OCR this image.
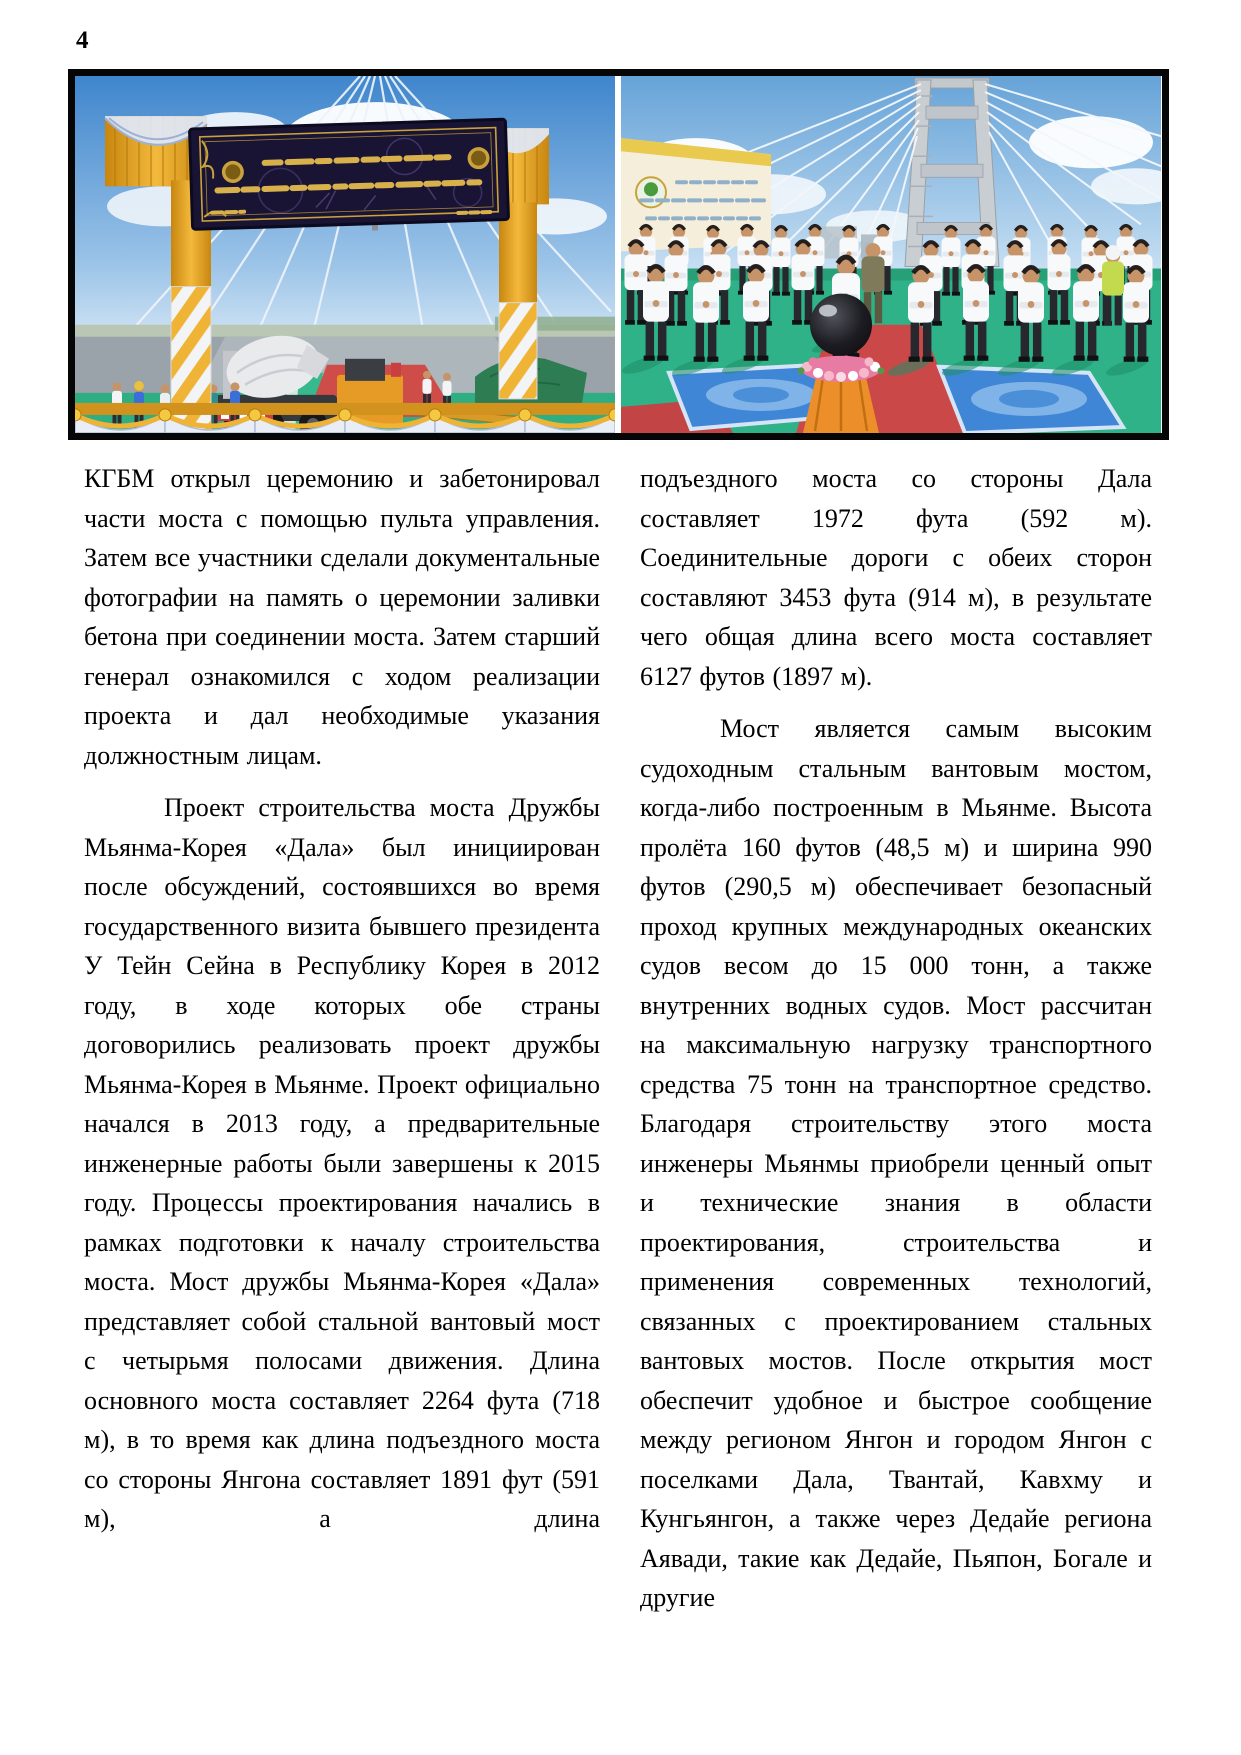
4

КГБМ открыл церемонию и забетонировал части моста с помощью пульта управления. Затем все участники сделали документальные фотографии на память о церемонии заливки бетона при соединении моста. Затем старший генерал ознакомился с ходом реализации проекта и дал необходимые указания должностным лицам.

Проект строительства моста Дружбы Мьянма-Корея «Дала» был инициирован после обсуждений, состоявшихся во время государственного визита бывшего президента У Тейн Сейна в Республику Корея в 2012 году, в ходе которых обе страны договорились реализовать проект дружбы Мьянма-Корея в Мьянме. Проект официально начался в 2013 году, а предварительные инженерные работы были завершены к 2015 году. Процессы проектирования начались в рамках подготовки к началу строительства моста. Мост дружбы Мьянма-Корея «Дала» представляет собой стальной вантовый мост с четырьмя полосами движения. Длина основного моста составляет 2264 фута (718 м), в то время как длина подъездного моста со стороны Янгона составляет 1891 фут (591 м), а длина

подъездного моста со стороны Дала составляет 1972 фута (592 м). Соединительные дороги с обеих сторон составляют 3453 фута (914 м), в результате чего общая длина всего моста составляет 6127 футов (1897 м).

Мост является самым высоким судоходным стальным вантовым мостом, когда-либо построенным в Мьянме. Высота пролёта 160 футов (48,5 м) и ширина 990 футов (290,5 м) обеспечивает безопасный проход крупных международных океанских судов весом до 15 000 тонн, а также внутренних водных судов. Мост рассчитан на максимальную нагрузку транспортного средства 75 тонн на транспортное средство. Благодаря строительству этого моста инженеры Мьянмы приобрели ценный опыт и технические знания в области проектирования, строительства и применения современных технологий, связанных с проектированием стальных вантовых мостов. После открытия мост обеспечит удобное и быстрое сообщение между регионом Янгон и городом Янгон с поселками Дала, Твантай, Кавхму и Кунгьянгон, а также через Дедайе региона Аявади, такие как Дедайе, Пьяпон, Богале и другие
